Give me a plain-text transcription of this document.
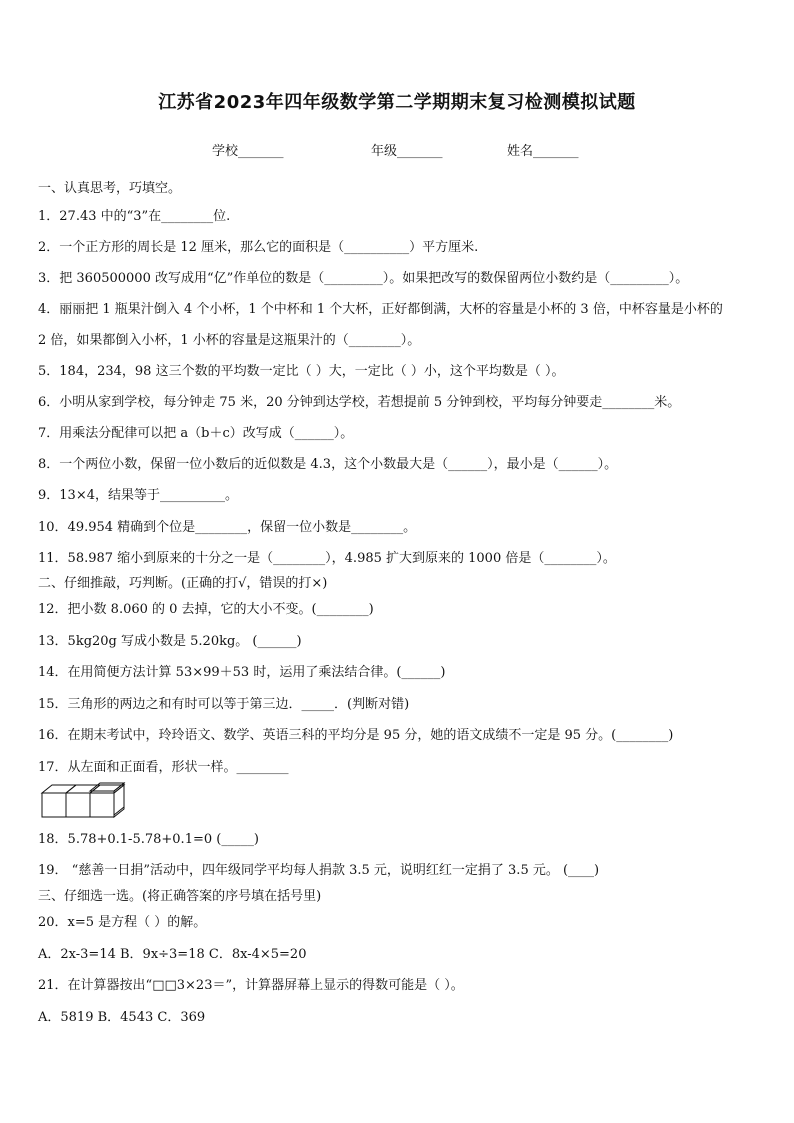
江苏省2023年四年级数学第二学期期末复习检测模拟试题
学校_______	年级_______	姓名_______
一、认真思考，巧填空。
1．27.43 中的“3”在________位.
2．一个正方形的周长是 12 厘米，那么它的面积是（__________）平方厘米.
3．把 360500000 改写成用“亿”作单位的数是（_________）。如果把改写的数保留两位小数约是（_________）。
4．丽丽把 1 瓶果汁倒入 4 个小杯，1 个中杯和 1 个大杯，正好都倒满，大杯的容量是小杯的 3 倍，中杯容量是小杯的
2 倍，如果都倒入小杯，1 小杯的容量是这瓶果汁的（________）。
5．184，234，98 这三个数的平均数一定比（ ）大，一定比（ ）小，这个平均数是（ ）。
6．小明从家到学校，每分钟走 75 米，20 分钟到达学校，若想提前 5 分钟到校，平均每分钟要走________米。
7．用乘法分配律可以把 a（b＋c）改写成（______）。
8．一个两位小数，保留一位小数后的近似数是 4.3，这个小数最大是（______），最小是（______）。
9．13×4，结果等于__________。
10．49.954 精确到个位是________，保留一位小数是________。
11．58.987 缩小到原来的十分之一是（________），4.985 扩大到原来的 1000 倍是（________）。
二、仔细推敲，巧判断。(正确的打√，错误的打×)
12．把小数 8.060 的 0 去掉，它的大小不变。(________)
13．5kg20g 写成小数是 5.20kg。 (______)
14．在用简便方法计算 53×99＋53 时，运用了乘法结合律。(______)
15．三角形的两边之和有时可以等于第三边．_____．(判断对错)
16．在期末考试中，玲玲语文、数学、英语三科的平均分是 95 分，她的语文成绩不一定是 95 分。(________)
17．从左面和正面看，形状一样。________
18．5.78+0.1-5.78+0.1=0 (_____)
19． “慈善一日捐”活动中，四年级同学平均每人捐款 3.5 元，说明红红一定捐了 3.5 元。 (____)
三、仔细选一选。(将正确答案的序号填在括号里)
20．x=5 是方程（ ）的解。
A．2x-3=14 B．9x÷3=18 C．8x-4×5=20
21．在计算器按出“□□3×23＝”，计算器屏幕上显示的得数可能是（ ）。
A．5819 B．4543 C．369
